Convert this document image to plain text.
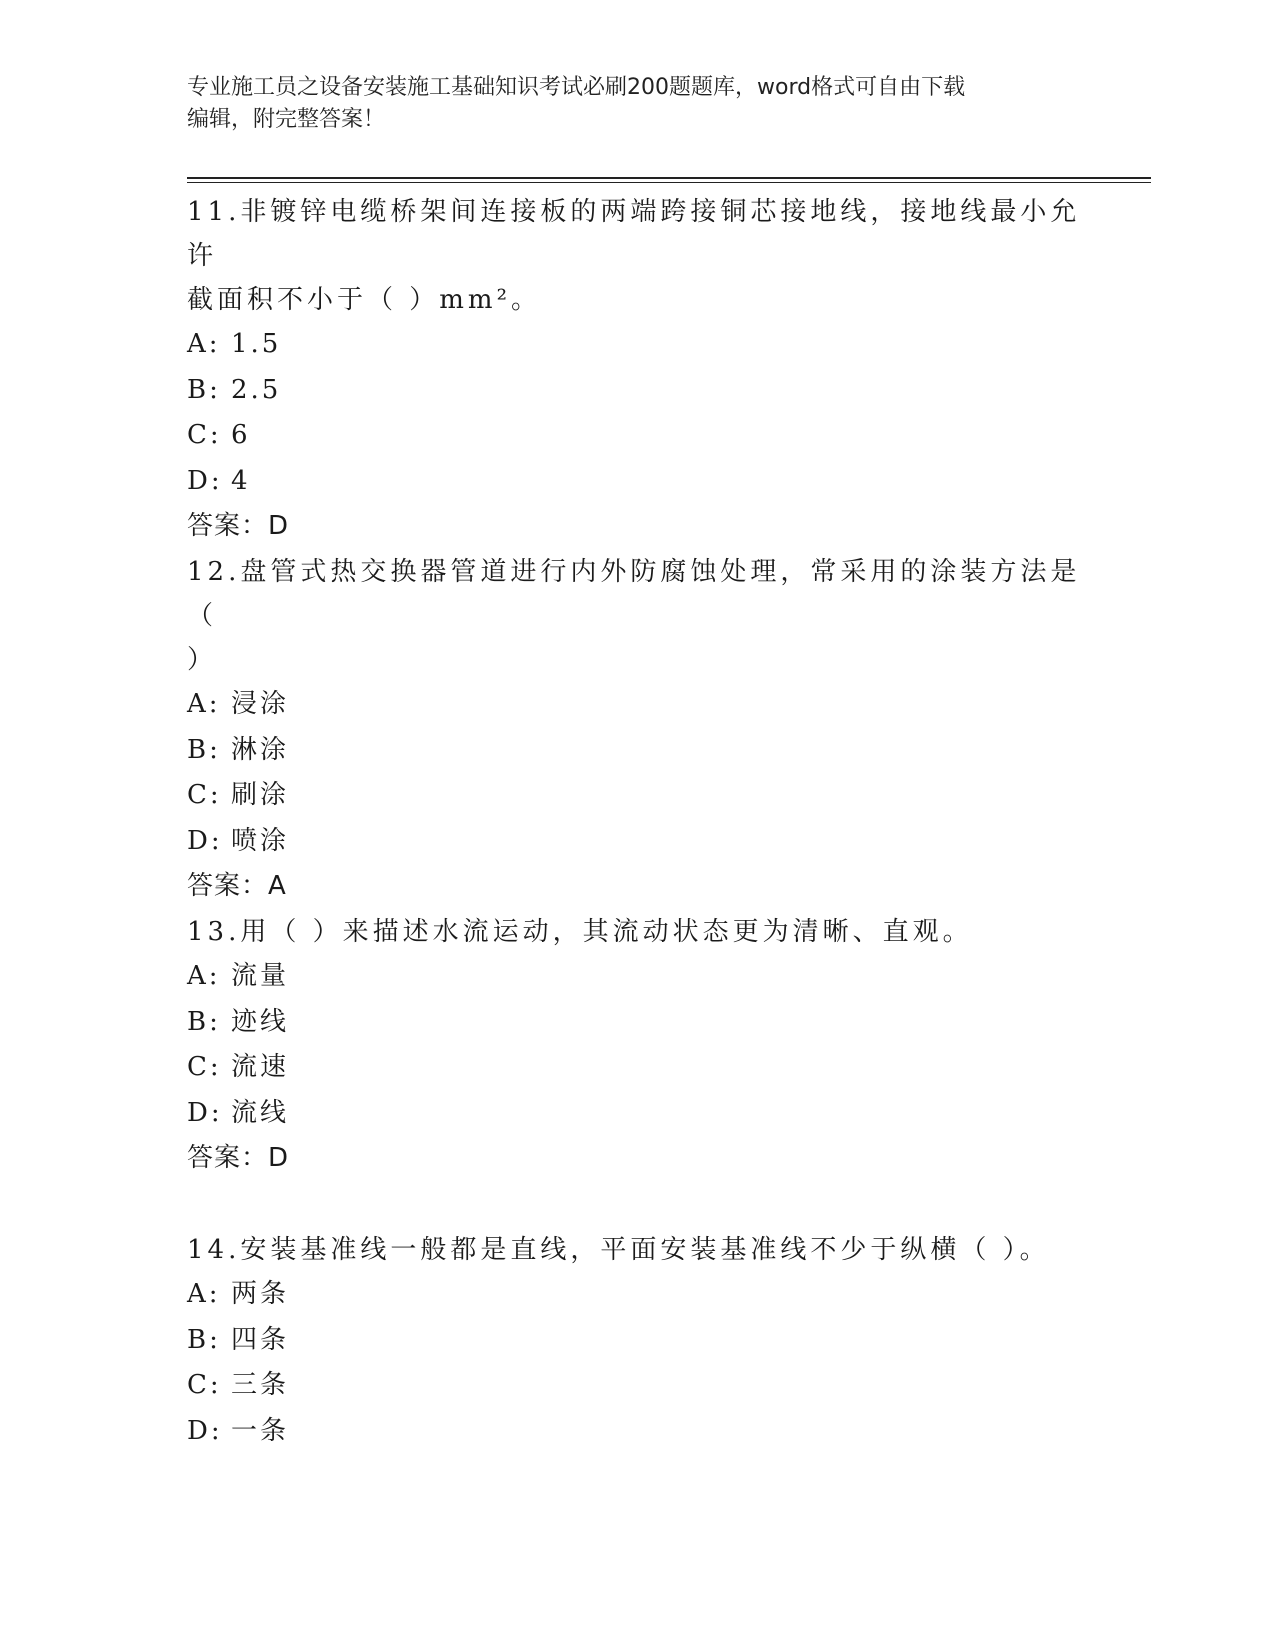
专业施工员之设备安装施工基础知识考试必刷200题题库，word格式可自由下载
编辑，附完整答案！

11.非镀锌电缆桥架间连接板的两端跨接铜芯接地线，接地线最小允许

截面积不小于（ ）mm²。

A: 1.5
B: 2.5
C: 6
D: 4

答案：D

12.盘管式热交换器管道进行内外防腐蚀处理，常采用的涂装方法是（

）

A: 浸涂
B: 淋涂
C: 刷涂
D: 喷涂

答案：A

13.用（ ）来描述水流运动，其流动状态更为清晰、直观。

A: 流量
B: 迹线
C: 流速
D: 流线

答案：D

14.安装基准线一般都是直线，平面安装基准线不少于纵横（ ）。

A: 两条
B: 四条
C: 三条
D: 一条
